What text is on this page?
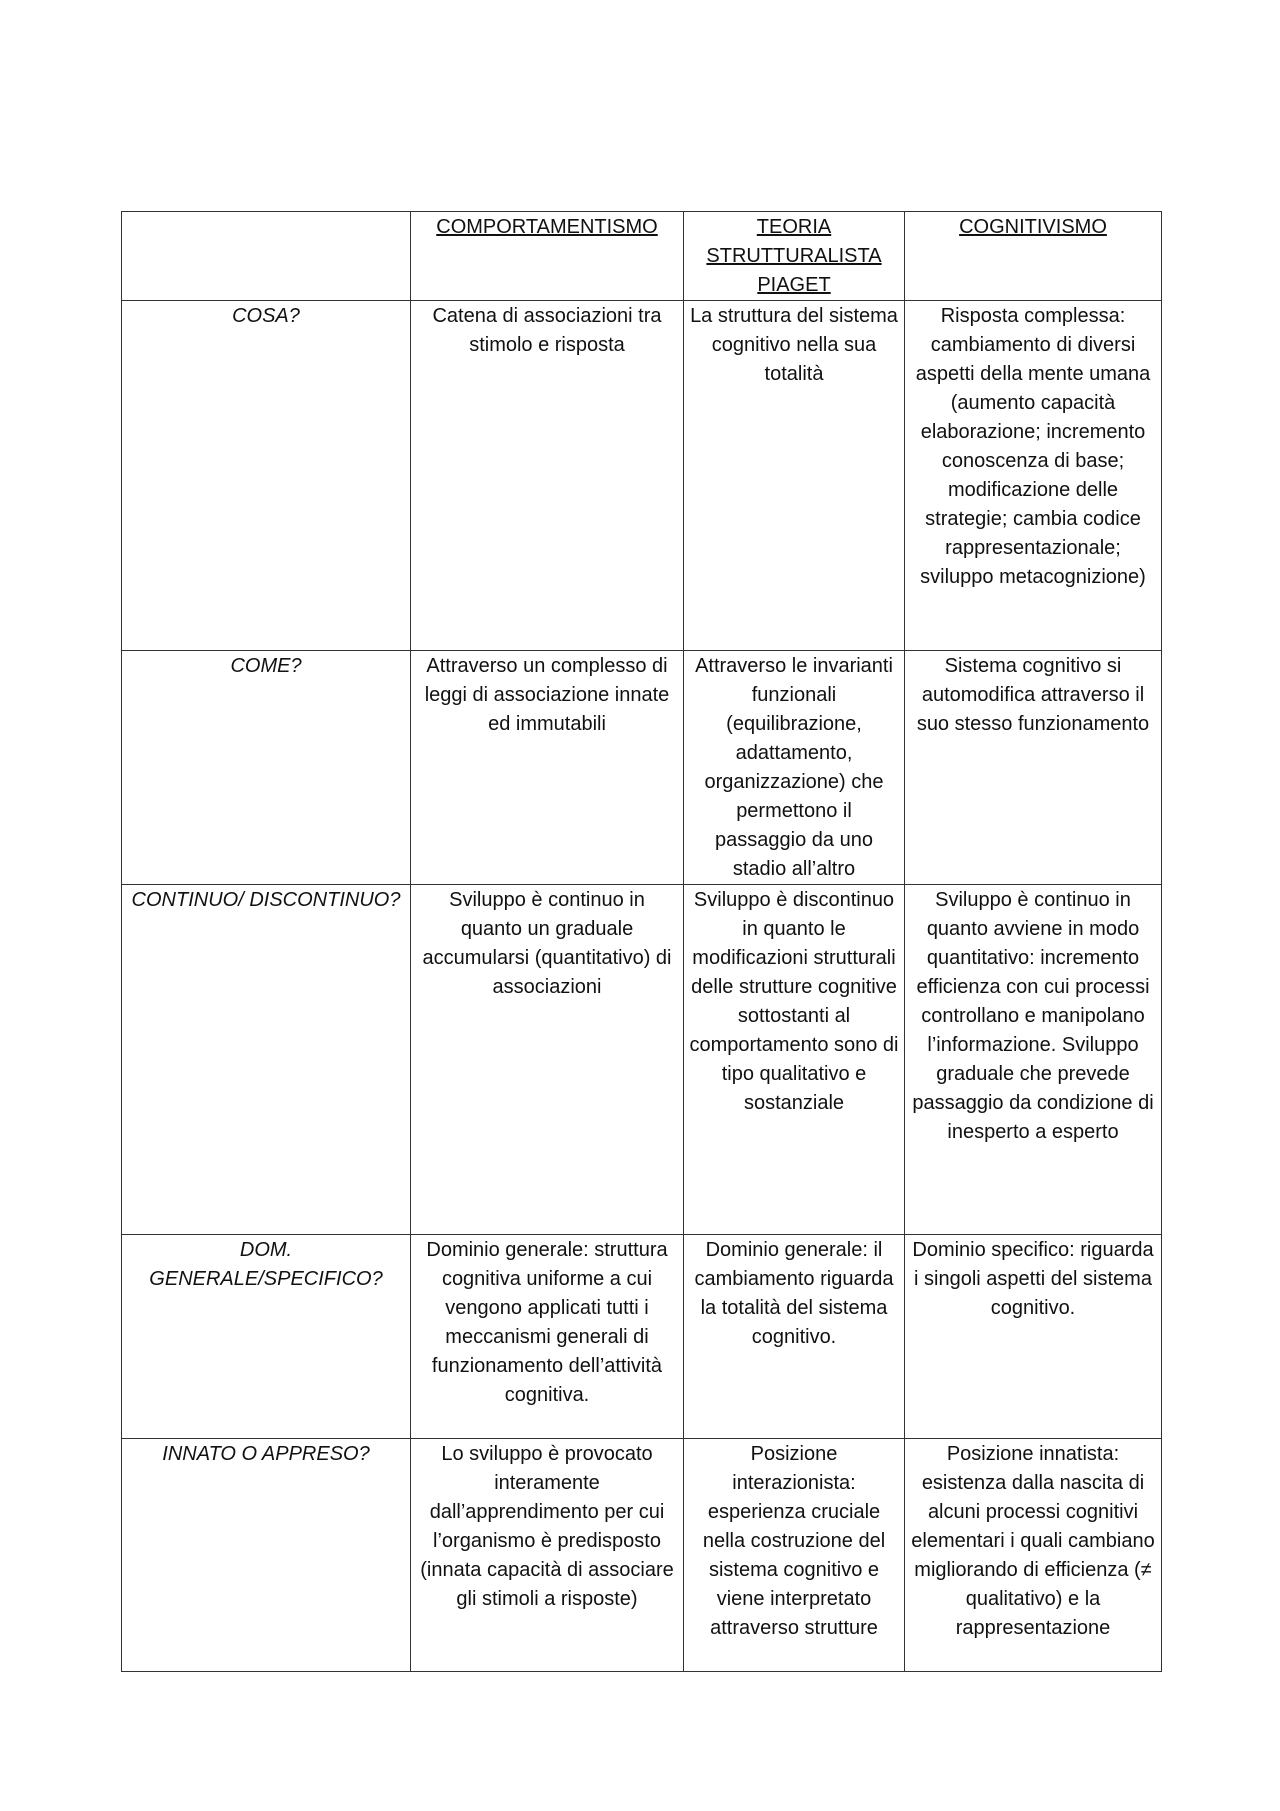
	COMPORTAMENTISMO	TEORIA STRUTTURALISTA PIAGET	COGNITIVISMO
COSA?	Catena di associazioni tra stimolo e risposta	La struttura del sistema cognitivo nella sua totalità	Risposta complessa: cambiamento di diversi aspetti della mente umana (aumento capacità elaborazione; incremento conoscenza di base; modificazione delle strategie; cambia codice rappresentazionale; sviluppo metacognizione)
COME?	Attraverso un complesso di leggi di associazione innate ed immutabili	Attraverso le invarianti funzionali (equilibrazione, adattamento, organizzazione) che permettono il passaggio da uno stadio all’altro	Sistema cognitivo si automodifica attraverso il suo stesso funzionamento
CONTINUO/ DISCONTINUO?	Sviluppo è continuo in quanto un graduale accumularsi (quantitativo) di associazioni	Sviluppo è discontinuo in quanto le modificazioni strutturali delle strutture cognitive sottostanti al comportamento sono di tipo qualitativo e sostanziale	Sviluppo è continuo in quanto avviene in modo quantitativo: incremento efficienza con cui processi controllano e manipolano l’informazione. Sviluppo graduale che prevede passaggio da condizione di inesperto a esperto
DOM. GENERALE/SPECIFICO?	Dominio generale: struttura cognitiva uniforme a cui vengono applicati tutti i meccanismi generali di funzionamento dell’attività cognitiva.	Dominio generale: il cambiamento riguarda la totalità del sistema cognitivo.	Dominio specifico: riguarda i singoli aspetti del sistema cognitivo.
INNATO O APPRESO?	Lo sviluppo è provocato interamente dall’apprendimento per cui l’organismo è predisposto (innata capacità di associare gli stimoli a risposte)	Posizione interazionista: esperienza cruciale nella costruzione del sistema cognitivo e viene interpretato attraverso strutture	Posizione innatista: esistenza dalla nascita di alcuni processi cognitivi elementari i quali cambiano migliorando di efficienza (≠ qualitativo) e la rappresentazione
